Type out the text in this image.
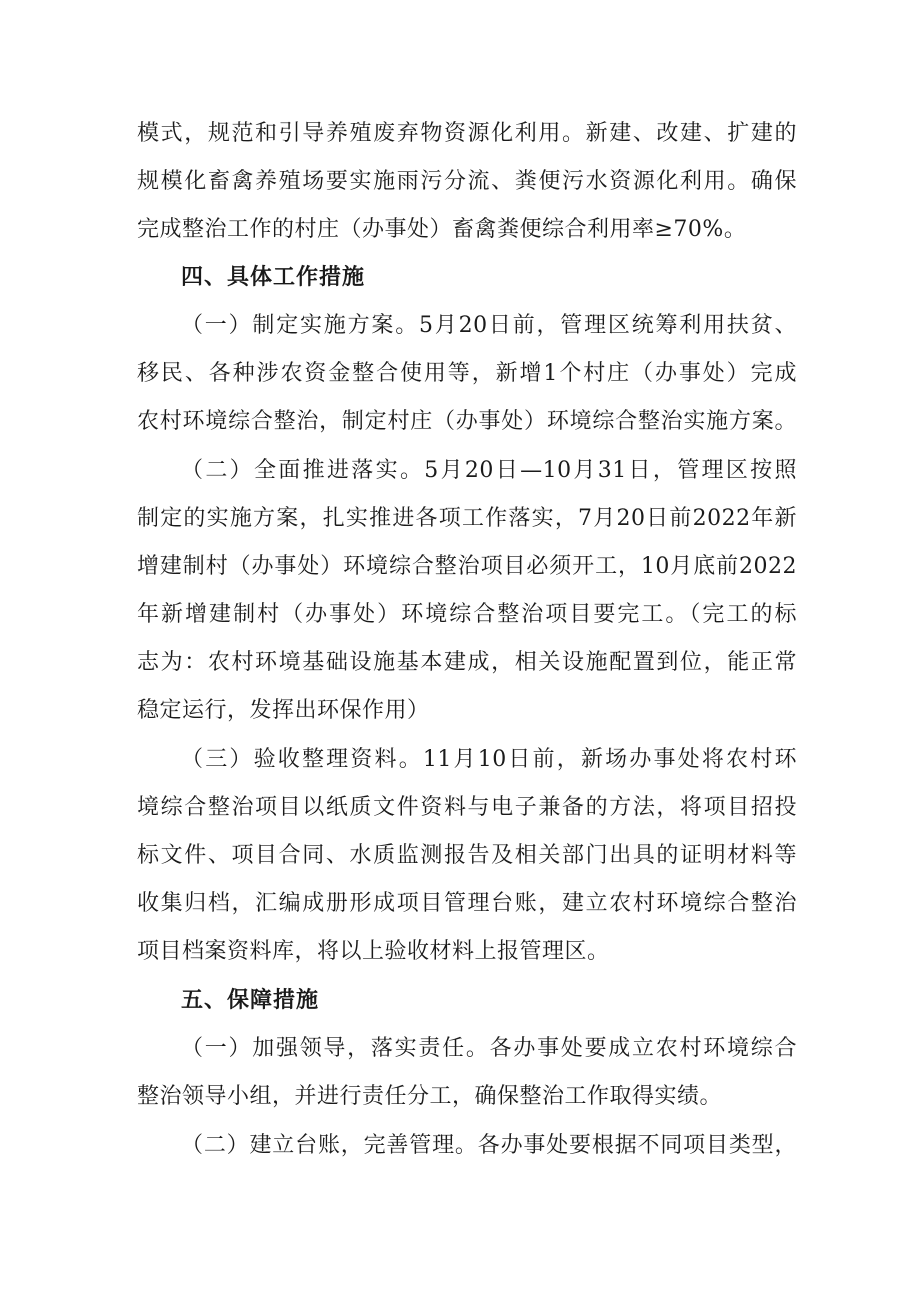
模式，规范和引导养殖废弃物资源化利用。新建、改建、扩建的
规模化畜禽养殖场要实施雨污分流、粪便污水资源化利用。确保
完成整治工作的村庄（办事处）畜禽粪便综合利用率≥70%。
四、具体工作措施
（一）制定实施方案。5月20日前，管理区统筹利用扶贫、
移民、各种涉农资金整合使用等，新增1个村庄（办事处）完成
农村环境综合整治，制定村庄（办事处）环境综合整治实施方案。
（二）全面推进落实。5月20日—10月31日，管理区按照
制定的实施方案，扎实推进各项工作落实，7月20日前2022年新
增建制村（办事处）环境综合整治项目必须开工，10月底前2022
年新增建制村（办事处）环境综合整治项目要完工。（完工的标
志为：农村环境基础设施基本建成，相关设施配置到位，能正常
稳定运行，发挥出环保作用）
（三）验收整理资料。11月10日前，新场办事处将农村环
境综合整治项目以纸质文件资料与电子兼备的方法，将项目招投
标文件、项目合同、水质监测报告及相关部门出具的证明材料等
收集归档，汇编成册形成项目管理台账，建立农村环境综合整治
项目档案资料库，将以上验收材料上报管理区。
五、保障措施
（一）加强领导，落实责任。各办事处要成立农村环境综合
整治领导小组，并进行责任分工，确保整治工作取得实绩。
（二）建立台账，完善管理。各办事处要根据不同项目类型，
